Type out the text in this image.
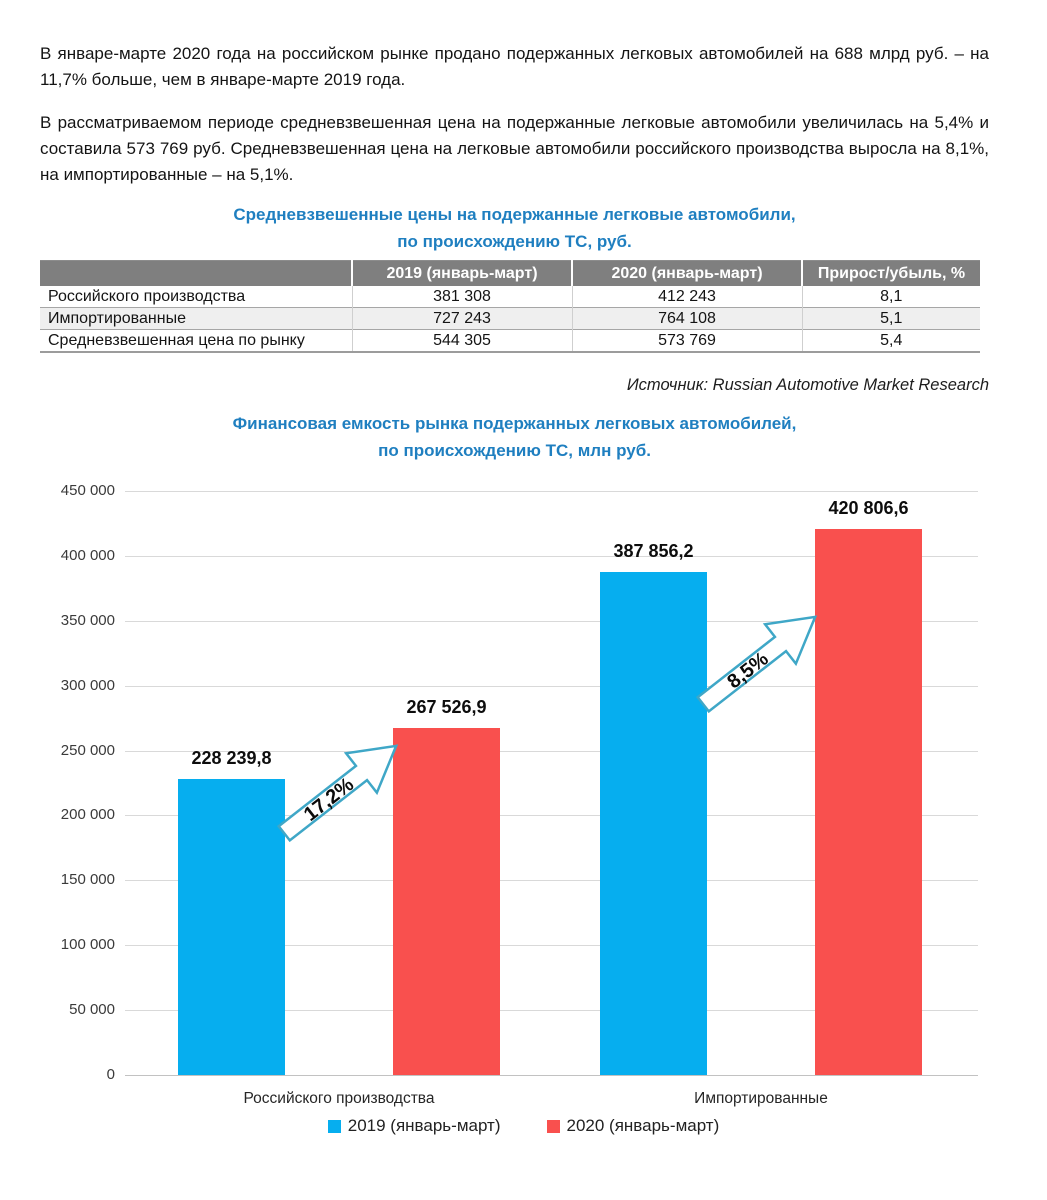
В январе-марте 2020 года на российском рынке продано подержанных легковых автомобилей на 688 млрд руб. – на 11,7% больше, чем в январе-марте 2019 года.

В рассматриваемом периоде средневзвешенная цена на подержанные легковые автомобили увеличилась на 5,4% и составила 573 769 руб. Средневзвешенная цена на легковые автомобили российского производства выросла на 8,1%, на импортированные – на 5,1%.

Средневзвешенные цены на подержанные легковые автомобили,
по происхождению ТС, руб.
	2019 (январь-март)	2020 (январь-март)	Прирост/убыль, %
Российского производства	381 308	412 243	8,1
Импортированные	727 243	764 108	5,1
Средневзвешенная цена по рынку	544 305	573 769	5,4

Источник: Russian Automotive Market Research

Финансовая емкость рынка подержанных легковых автомобилей,
по происхождению ТС, млн руб.
0
50 000
100 000
150 000
200 000
250 000
300 000
350 000
400 000
450 000
228 239,8
387 856,2
267 526,9
420 806,6
Российского производства	Импортированные
17,2%
8,5%
2019 (январь-март)	2020 (январь-март)
